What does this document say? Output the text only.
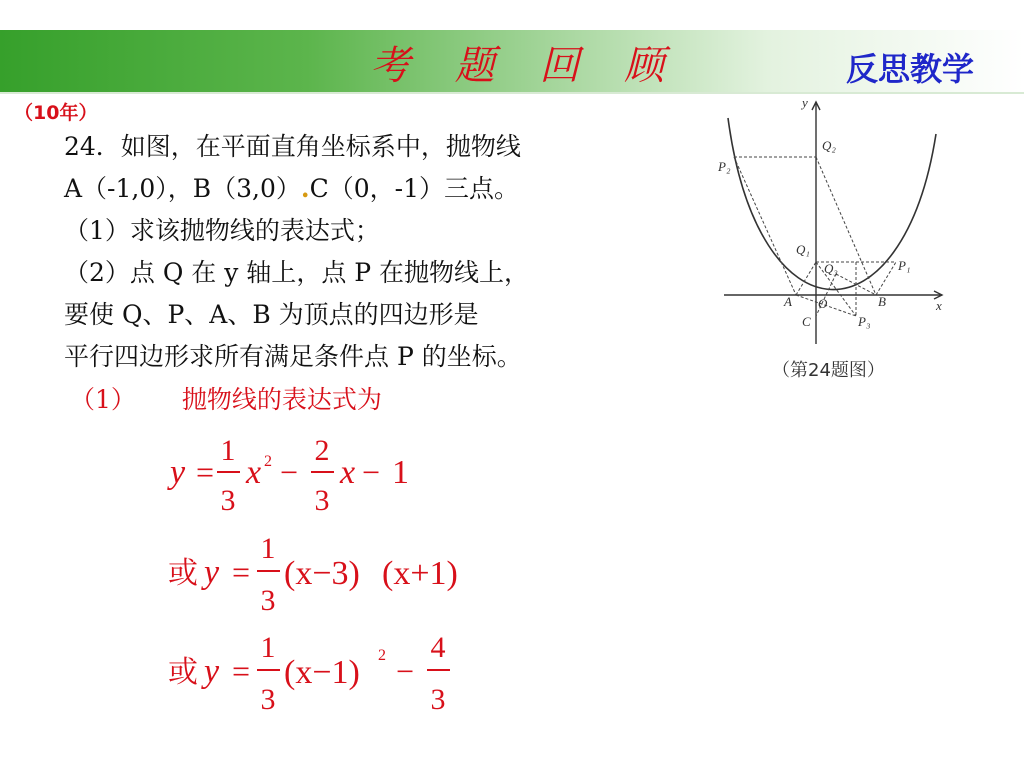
考 题 回 顾	反思教学
（10年）
24．如图，在平面直角坐标系中，抛物线
A（-1,0），B（3,0）.C（0，-1）三点。
（1）求该抛物线的表达式；
（2）点 Q 在 y 轴上，点 P 在抛物线上，
要使 Q、P、A、B 为顶点的四边形是
平行四边形求所有满足条件点 P 的坐标。
（1） 抛物线的表达式为
y =
1
3
x 2 −
2
3
x − 1
或 y =
1
3
(x−3) (x+1)
或 y =
1
3
(x−1) 2 −
4
3
y
x
O
A	B
C
Q₂
P₂
Q₁
Q₃	P₁
P₃
（第24题图）
